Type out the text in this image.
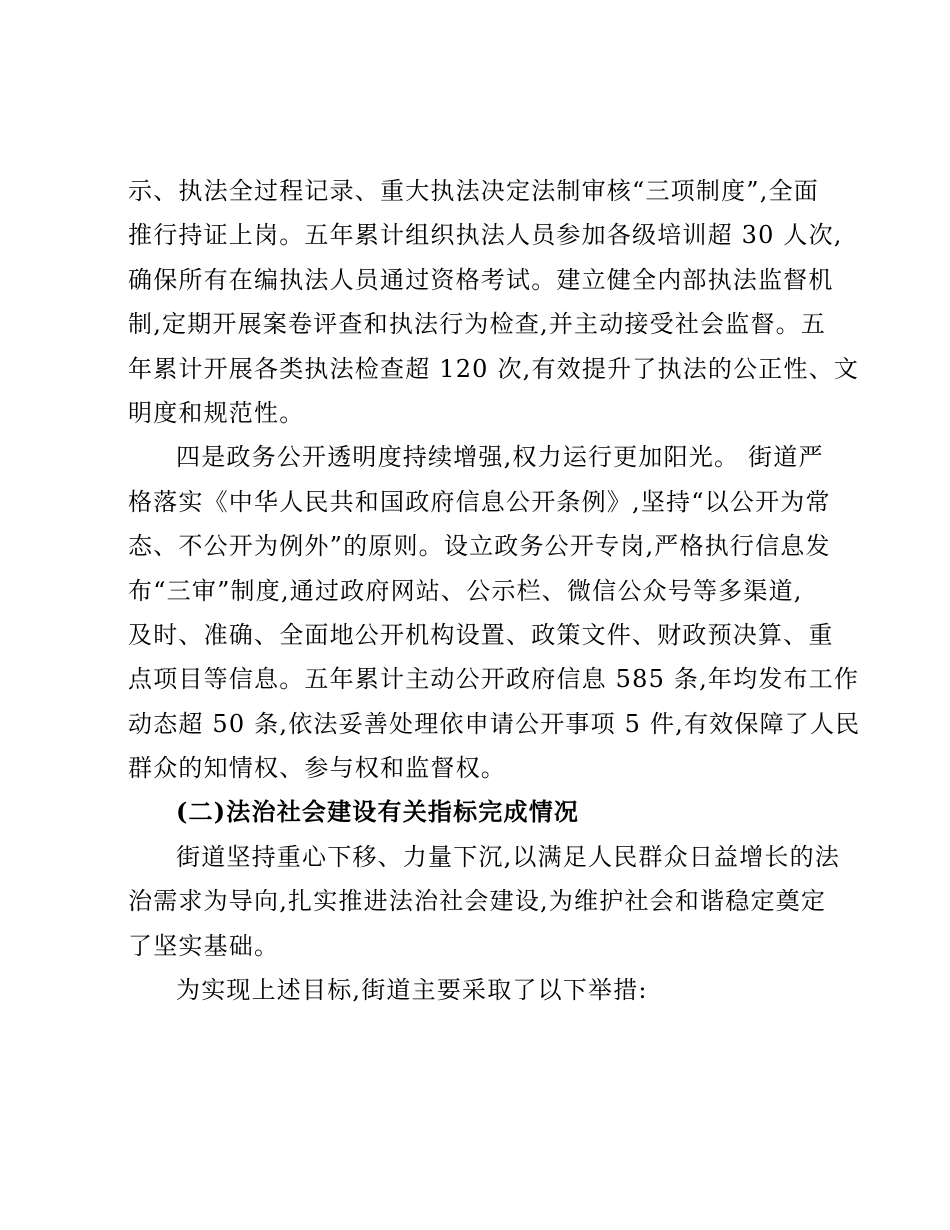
示、执法全过程记录、重大执法决定法制审核“三项制度”,全面
推行持证上岗。五年累计组织执法人员参加各级培训超 30 人次,
确保所有在编执法人员通过资格考试。建立健全内部执法监督机
制,定期开展案卷评查和执法行为检查,并主动接受社会监督。五
年累计开展各类执法检查超 120 次,有效提升了执法的公正性、文
明度和规范性。
四是政务公开透明度持续增强,权力运行更加阳光。 街道严
格落实《中华人民共和国政府信息公开条例》,坚持“以公开为常
态、不公开为例外”的原则。设立政务公开专岗,严格执行信息发
布“三审”制度,通过政府网站、公示栏、微信公众号等多渠道,
及时、准确、全面地公开机构设置、政策文件、财政预决算、重
点项目等信息。五年累计主动公开政府信息 585 条,年均发布工作
动态超 50 条,依法妥善处理依申请公开事项 5 件,有效保障了人民
群众的知情权、参与权和监督权。
(二)法治社会建设有关指标完成情况
街道坚持重心下移、力量下沉,以满足人民群众日益增长的法
治需求为导向,扎实推进法治社会建设,为维护社会和谐稳定奠定
了坚实基础。
为实现上述目标,街道主要采取了以下举措:
